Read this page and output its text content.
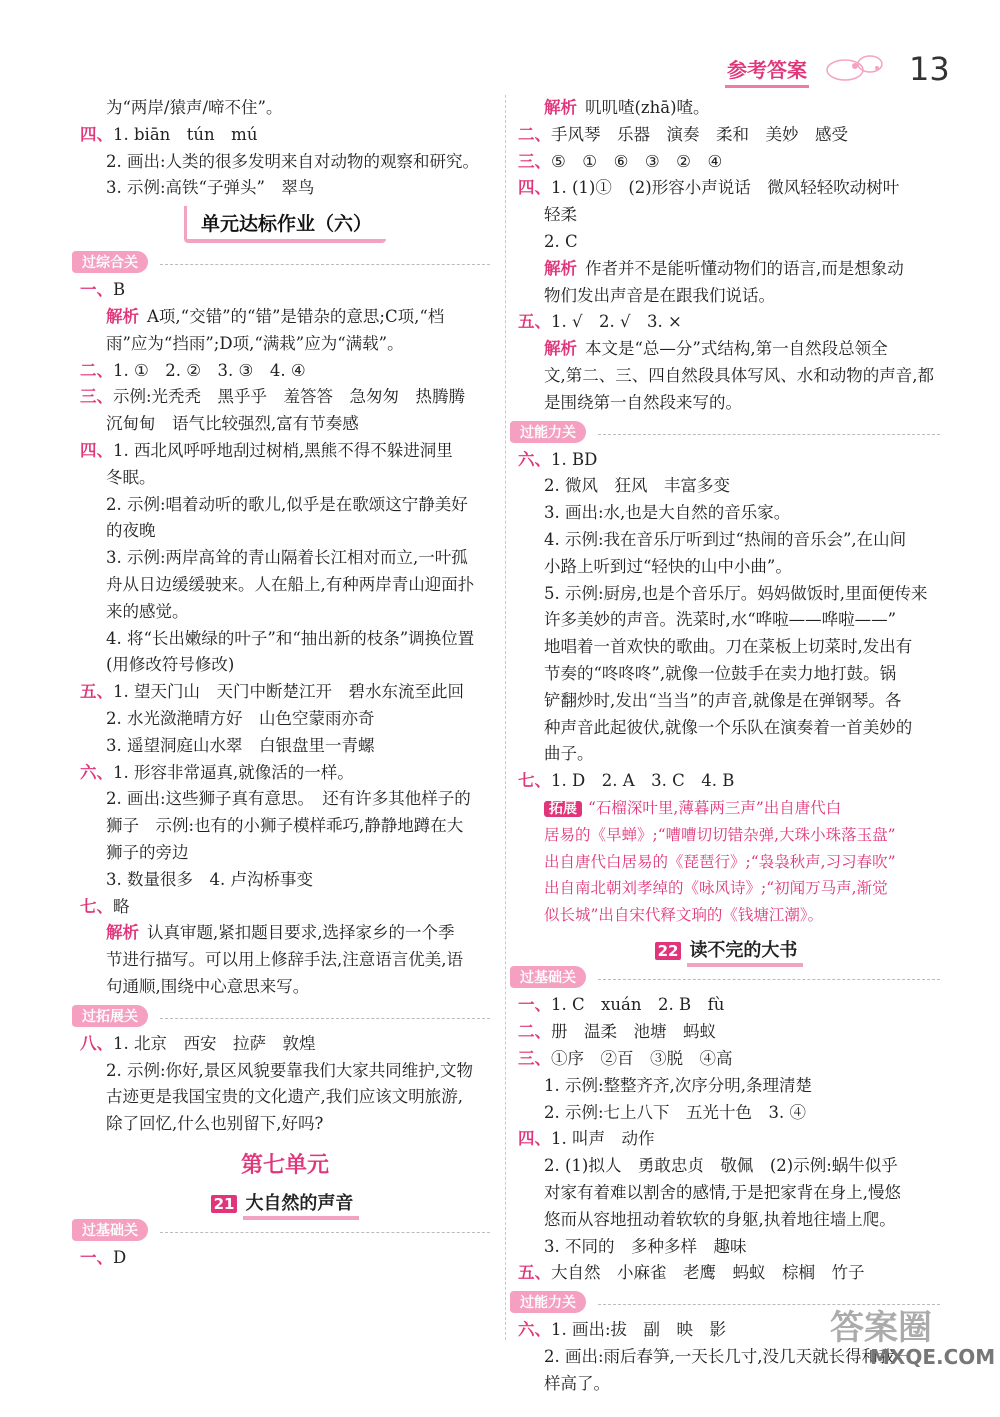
参考答案	13
为“两岸/猿声/啼不住”。
四、1. biān　tún　mú
2. 画出:人类的很多发明来自对动物的观察和研究。
3. 示例:高铁“子弹头”　翠鸟
单元达标作业（六）
过综合关
一、B
解析 A项,“交错”的“错”是错杂的意思;C项,“档
雨”应为“挡雨”;D项,“满栽”应为“满载”。
二、1. ①　2. ②　3. ③　4. ④
三、示例:光秃秃　黑乎乎　羞答答　急匆匆　热腾腾
沉甸甸　语气比较强烈,富有节奏感
四、1. 西北风呼呼地刮过树梢,黑熊不得不躲进洞里
冬眠。
2. 示例:唱着动听的歌儿,似乎是在歌颂这宁静美好
的夜晚
3. 示例:两岸高耸的青山隔着长江相对而立,一叶孤
舟从日边缓缓驶来。人在船上,有种两岸青山迎面扑
来的感觉。
4. 将“长出嫩绿的叶子”和“抽出新的枝条”调换位置
(用修改符号修改)
五、1. 望天门山　天门中断楚江开　碧水东流至此回
2. 水光潋滟晴方好　山色空蒙雨亦奇
3. 遥望洞庭山水翠　白银盘里一青螺
六、1. 形容非常逼真,就像活的一样。
2. 画出:这些狮子真有意思。　还有许多其他样子的
狮子　示例:也有的小狮子模样乖巧,静静地蹲在大
狮子的旁边
3. 数量很多　4. 卢沟桥事变
七、略
解析 认真审题,紧扣题目要求,选择家乡的一个季
节进行描写。可以用上修辞手法,注意语言优美,语
句通顺,围绕中心意思来写。
过拓展关
八、1. 北京　西安　拉萨　敦煌
2. 示例:你好,景区风貌要靠我们大家共同维护,文物
古迹更是我国宝贵的文化遗产,我们应该文明旅游,
除了回忆,什么也别留下,好吗?
第七单元
21 大自然的声音
过基础关
一、D
解析 叽叽喳(zhā)喳。
二、手风琴　乐器　演奏　柔和　美妙　感受
三、⑤　①　⑥　③　②　④
四、1. (1)①　(2)形容小声说话　微风轻轻吹动树叶
轻柔
2. C
解析 作者并不是能听懂动物们的语言,而是想象动
物们发出声音是在跟我们说话。
五、1. √　2. √　3. ×
解析 本文是“总—分”式结构,第一自然段总领全
文,第二、三、四自然段具体写风、水和动物的声音,都
是围绕第一自然段来写的。
过能力关
六、1. BD
2. 微风　狂风　丰富多变
3. 画出:水,也是大自然的音乐家。
4. 示例:我在音乐厅听到过“热闹的音乐会”,在山间
小路上听到过“轻快的山中小曲”。
5. 示例:厨房,也是个音乐厅。妈妈做饭时,里面便传来
许多美妙的声音。洗菜时,水“哗啦——哗啦——”
地唱着一首欢快的歌曲。刀在菜板上切菜时,发出有
节奏的“咚咚咚”,就像一位鼓手在卖力地打鼓。锅
铲翻炒时,发出“当当”的声音,就像是在弹钢琴。各
种声音此起彼伏,就像一个乐队在演奏着一首美妙的
曲子。
七、1. D　2. A　3. C　4. B
拓展 “石榴深叶里,薄暮两三声”出自唐代白
居易的《早蝉》;“嘈嘈切切错杂弹,大珠小珠落玉盘”
出自唐代白居易的《琵琶行》;“袅袅秋声,习习春吹”
出自南北朝刘孝绰的《咏风诗》;“初闻万马声,渐觉
似长城”出自宋代释文珦的《钱塘江潮》。
22 读不完的大书
过基础关
一、1. C　xuán　2. B　fù
二、册　温柔　池塘　蚂蚁
三、①序　②百　③脱　④高
1. 示例:整整齐齐,次序分明,条理清楚
2. 示例:七上八下　五光十色　3. ④
四、1. 叫声　动作
2. (1)拟人　勇敢忠贞　敬佩　(2)示例:蜗牛似乎
对家有着难以割舍的感情,于是把家背在身上,慢悠
悠而从容地扭动着软软的身躯,执着地往墙上爬。
3. 不同的　多种多样　趣味
五、大自然　小麻雀　老鹰　蚂蚁　棕榈　竹子
过能力关
六、1. 画出:拔　副　映　影
2. 画出:雨后春笋,一天长几寸,没几天就长得和我一
样高了。
答案圈
MXQE.COM
